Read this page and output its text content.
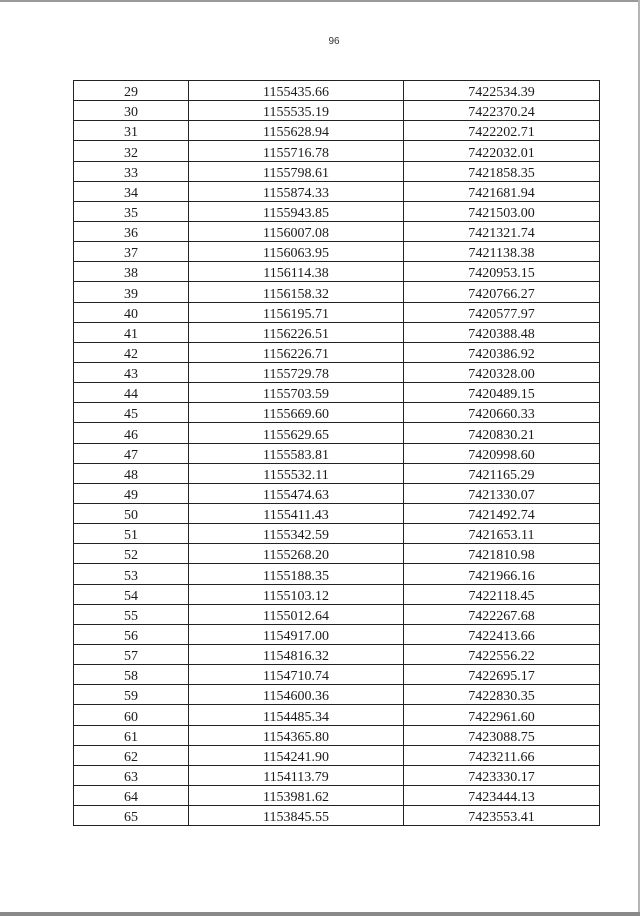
96
29	1155435.66	7422534.39
30	1155535.19	7422370.24
31	1155628.94	7422202.71
32	1155716.78	7422032.01
33	1155798.61	7421858.35
34	1155874.33	7421681.94
35	1155943.85	7421503.00
36	1156007.08	7421321.74
37	1156063.95	7421138.38
38	1156114.38	7420953.15
39	1156158.32	7420766.27
40	1156195.71	7420577.97
41	1156226.51	7420388.48
42	1156226.71	7420386.92
43	1155729.78	7420328.00
44	1155703.59	7420489.15
45	1155669.60	7420660.33
46	1155629.65	7420830.21
47	1155583.81	7420998.60
48	1155532.11	7421165.29
49	1155474.63	7421330.07
50	1155411.43	7421492.74
51	1155342.59	7421653.11
52	1155268.20	7421810.98
53	1155188.35	7421966.16
54	1155103.12	7422118.45
55	1155012.64	7422267.68
56	1154917.00	7422413.66
57	1154816.32	7422556.22
58	1154710.74	7422695.17
59	1154600.36	7422830.35
60	1154485.34	7422961.60
61	1154365.80	7423088.75
62	1154241.90	7423211.66
63	1154113.79	7423330.17
64	1153981.62	7423444.13
65	1153845.55	7423553.41
